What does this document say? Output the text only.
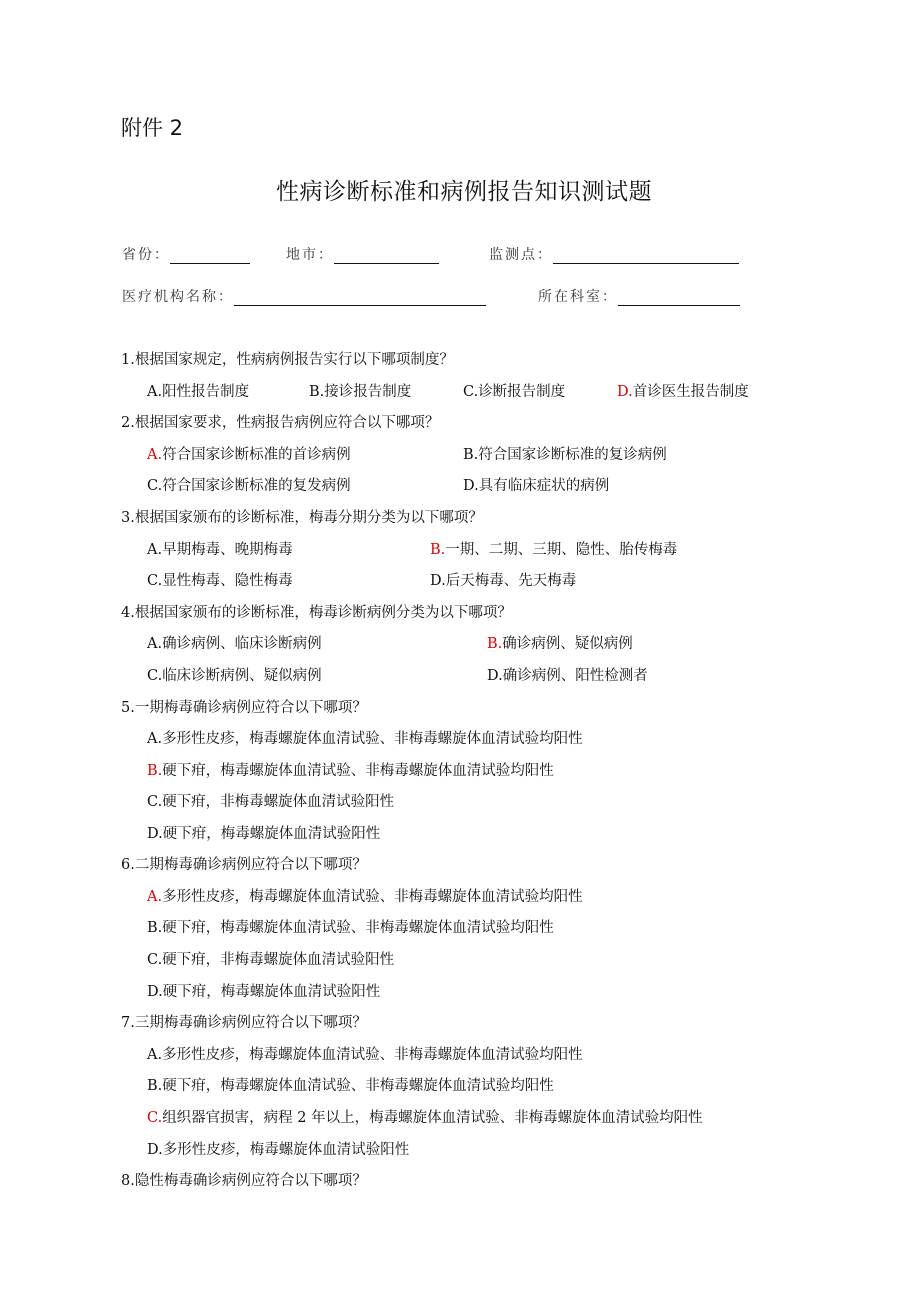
附件 2
性病诊断标准和病例报告知识测试题
省份：	地市：	监测点：
医疗机构名称：	所在科室：
1.根据国家规定，性病病例报告实行以下哪项制度？
A.阳性报告制度	B.接诊报告制度	C.诊断报告制度	D.首诊医生报告制度
2.根据国家要求，性病报告病例应符合以下哪项？
A.符合国家诊断标准的首诊病例	B.符合国家诊断标准的复诊病例
C.符合国家诊断标准的复发病例	D.具有临床症状的病例
3.根据国家颁布的诊断标准，梅毒分期分类为以下哪项？
A.早期梅毒、晚期梅毒	B.一期、二期、三期、隐性、胎传梅毒
C.显性梅毒、隐性梅毒	D.后天梅毒、先天梅毒
4.根据国家颁布的诊断标准，梅毒诊断病例分类为以下哪项？
A.确诊病例、临床诊断病例	B.确诊病例、疑似病例
C.临床诊断病例、疑似病例	D.确诊病例、阳性检测者
5.一期梅毒确诊病例应符合以下哪项？
A.多形性皮疹，梅毒螺旋体血清试验、非梅毒螺旋体血清试验均阳性
B.硬下疳，梅毒螺旋体血清试验、非梅毒螺旋体血清试验均阳性
C.硬下疳，非梅毒螺旋体血清试验阳性
D.硬下疳，梅毒螺旋体血清试验阳性
6.二期梅毒确诊病例应符合以下哪项？
A.多形性皮疹，梅毒螺旋体血清试验、非梅毒螺旋体血清试验均阳性
B.硬下疳，梅毒螺旋体血清试验、非梅毒螺旋体血清试验均阳性
C.硬下疳，非梅毒螺旋体血清试验阳性
D.硬下疳，梅毒螺旋体血清试验阳性
7.三期梅毒确诊病例应符合以下哪项？
A.多形性皮疹，梅毒螺旋体血清试验、非梅毒螺旋体血清试验均阳性
B.硬下疳，梅毒螺旋体血清试验、非梅毒螺旋体血清试验均阳性
C.组织器官损害，病程 2 年以上，梅毒螺旋体血清试验、非梅毒螺旋体血清试验均阳性
D.多形性皮疹，梅毒螺旋体血清试验阳性
8.隐性梅毒确诊病例应符合以下哪项？
